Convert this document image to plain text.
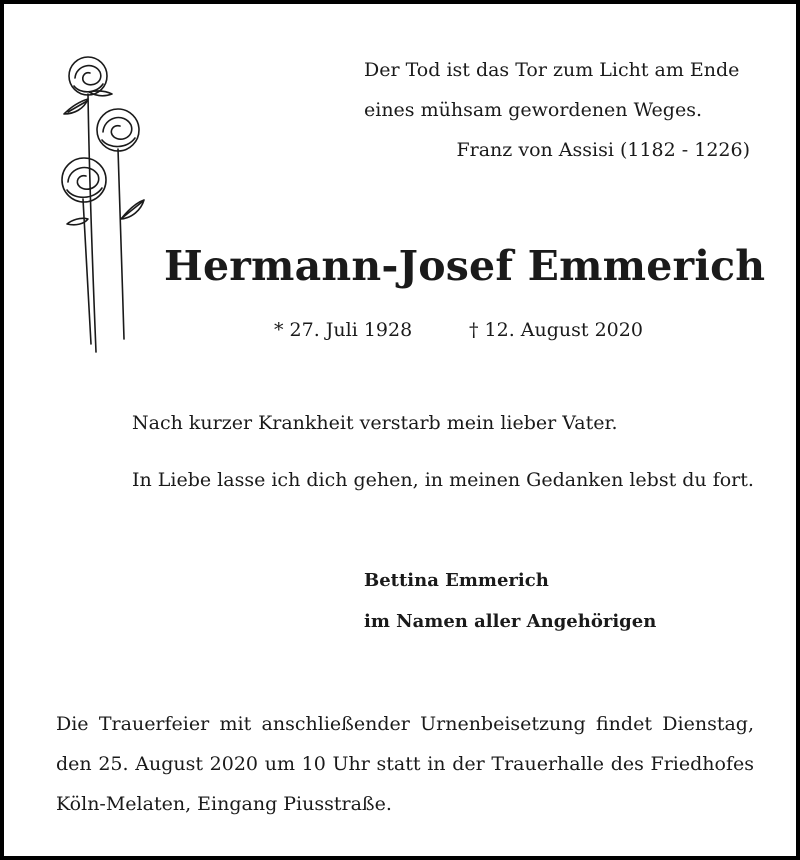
Der Tod ist das Tor zum Licht am Ende
eines mühsam gewordenen Weges.
Franz von Assisi (1182 - 1226)
Hermann-Josef Emmerich
* 27. Juli 1928	† 12. August 2020
Nach kurzer Krankheit verstarb mein lieber Vater.
In Liebe lasse ich dich gehen, in meinen Gedanken lebst du fort.
Bettina Emmerich
im Namen aller Angehörigen
Die Trauerfeier mit anschließender Urnenbeisetzung findet Dienstag, den 25. August 2020 um 10 Uhr statt in der Trauerhalle des Friedhofes Köln-Melaten, Eingang Piusstraße.
